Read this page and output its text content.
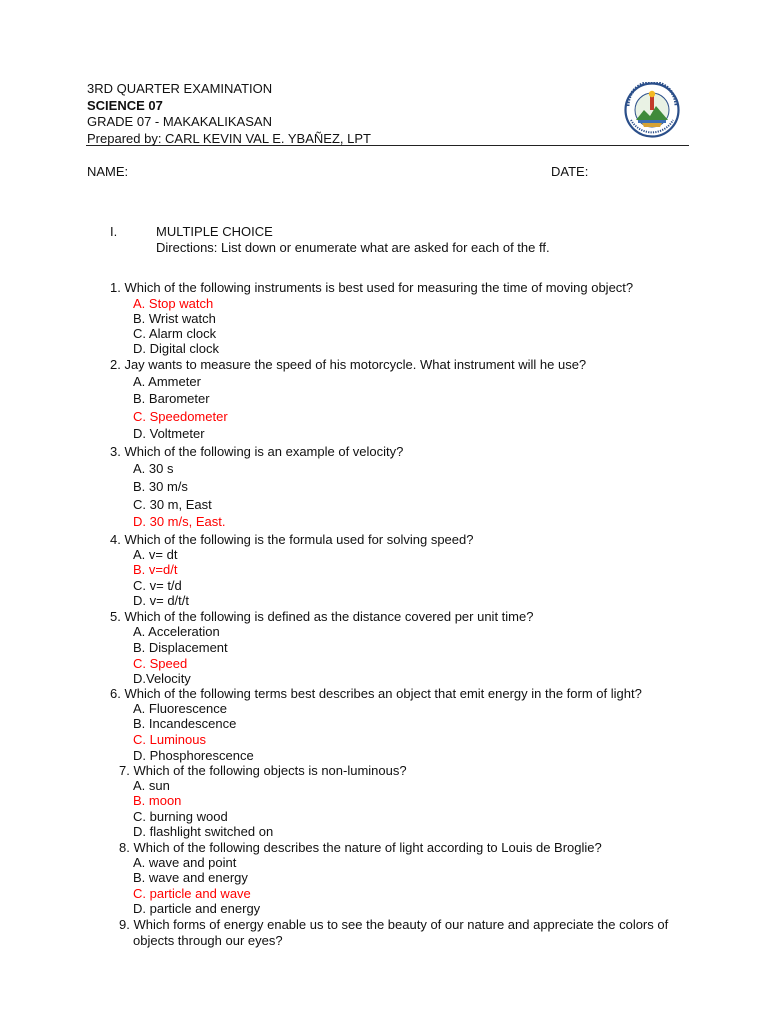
3RD QUARTER EXAMINATION
SCIENCE 07
GRADE 07 - MAKAKALIKASAN
Prepared by: CARL KEVIN VAL E. YBAÑEZ, LPT
NAME:	DATE:
I.	MULTIPLE CHOICE
Directions: List down or enumerate what are asked for each of the ff.
1. Which of the following instruments is best used for measuring the time of moving object?
A. Stop watch
B. Wrist watch
C. Alarm clock
D. Digital clock
2. Jay wants to measure the speed of his motorcycle. What instrument will he use?
A. Ammeter
B. Barometer
C. Speedometer
D. Voltmeter
3. Which of the following is an example of velocity?
A. 30 s
B. 30 m/s
C. 30 m, East
D. 30 m/s, East.
4. Which of the following is the formula used for solving speed?
A. v= dt
B. v=d/t
C. v= t/d
D. v= d/t/t
5. Which of the following is defined as the distance covered per unit time?
A. Acceleration
B. Displacement
C. Speed
D.Velocity
6. Which of the following terms best describes an object that emit energy in the form of light?
A. Fluorescence
B. Incandescence
C. Luminous
D. Phosphorescence
7. Which of the following objects is non-luminous?
A. sun
B. moon
C. burning wood
D. flashlight switched on
8. Which of the following describes the nature of light according to Louis de Broglie?
A. wave and point
B. wave and energy
C. particle and wave
D. particle and energy
9. Which forms of energy enable us to see the beauty of our nature and appreciate the colors of
objects through our eyes?
